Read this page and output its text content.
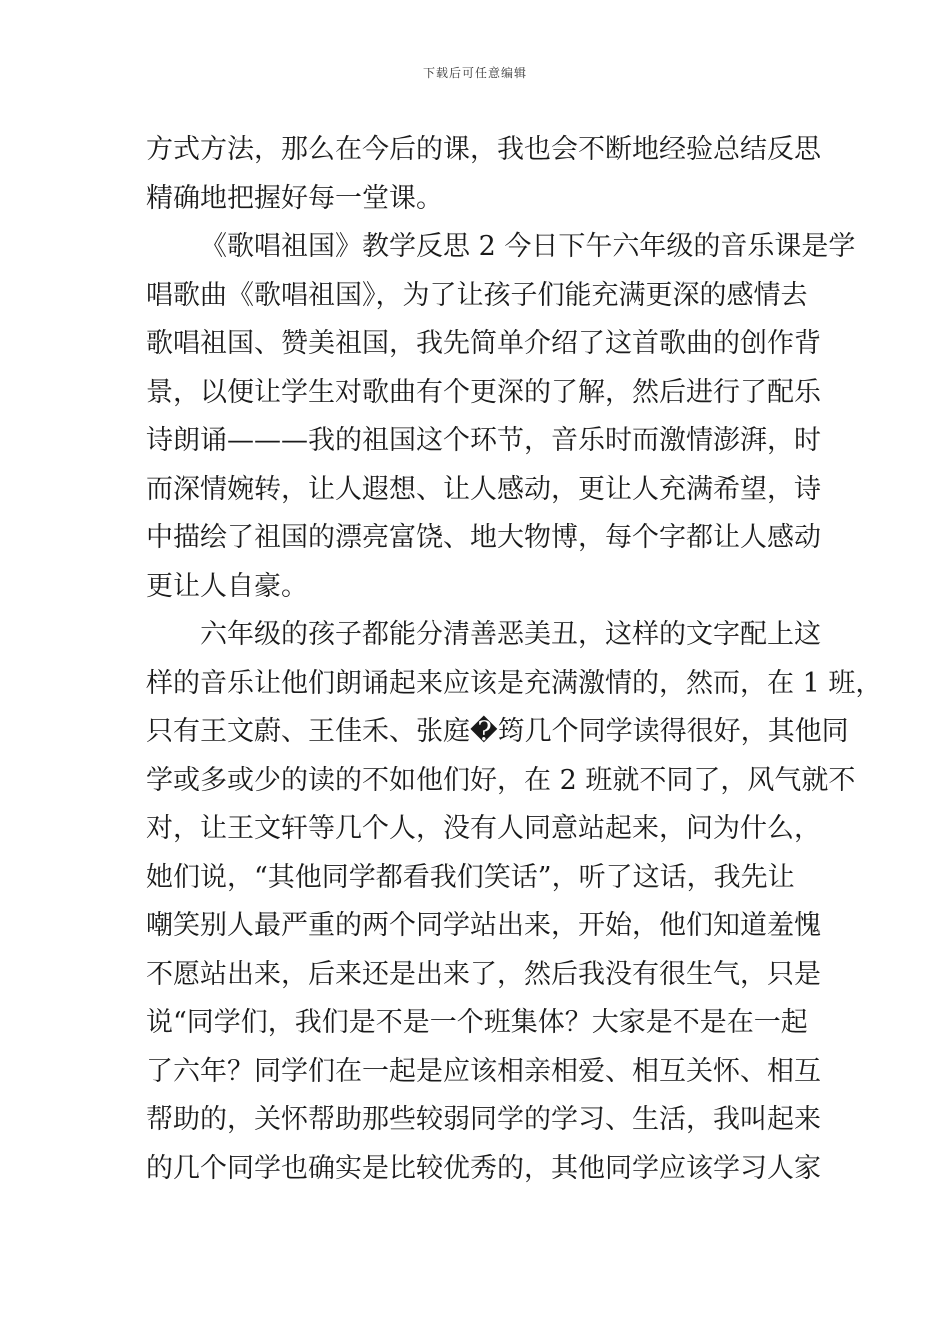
下载后可任意编辑
方式方法，那么在今后的课，我也会不断地经验总结反思
精确地把握好每一堂课。
《歌唱祖国》教学反思 2 今日下午六年级的音乐课是学
唱歌曲《歌唱祖国》，为了让孩子们能充满更深的感情去
歌唱祖国、赞美祖国，我先简单介绍了这首歌曲的创作背
景，以便让学生对歌曲有个更深的了解，然后进行了配乐
诗朗诵———我的祖国这个环节，音乐时而激情澎湃，时
而深情婉转，让人遐想、让人感动，更让人充满希望，诗
中描绘了祖国的漂亮富饶、地大物博，每个字都让人感动
更让人自豪。
六年级的孩子都能分清善恶美丑，这样的文字配上这
样的音乐让他们朗诵起来应该是充满激情的，然而，在 1 班，
只有王文蔚、王佳禾、张庭�筠几个同学读得很好，其他同
学或多或少的读的不如他们好，在 2 班就不同了，风气就不
对，让王文轩等几个人，没有人同意站起来，问为什么，
她们说，“其他同学都看我们笑话”，听了这话，我先让
嘲笑别人最严重的两个同学站出来，开始，他们知道羞愧
不愿站出来，后来还是出来了，然后我没有很生气，只是
说“同学们，我们是不是一个班集体？大家是不是在一起
了六年？同学们在一起是应该相亲相爱、相互关怀、相互
帮助的，关怀帮助那些较弱同学的学习、生活，我叫起来
的几个同学也确实是比较优秀的，其他同学应该学习人家
